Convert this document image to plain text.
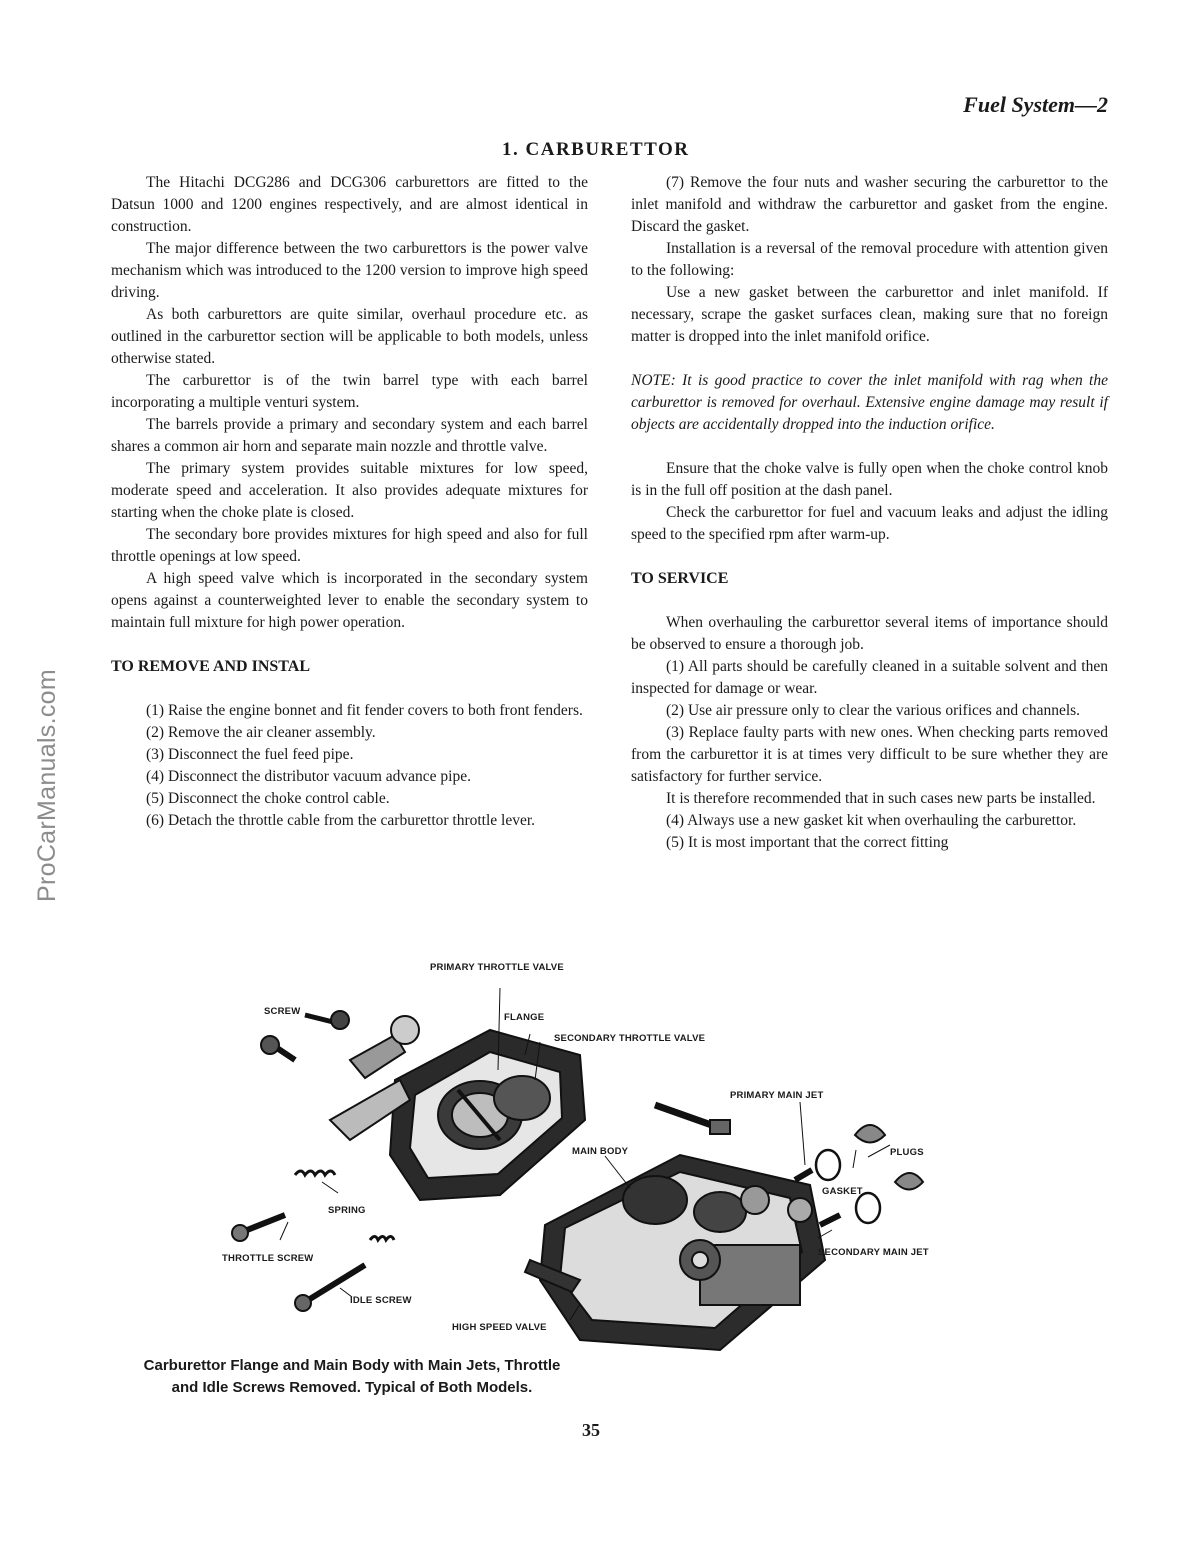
ProCarManuals.com
Fuel System—2
1. CARBURETTOR

The Hitachi DCG286 and DCG306 carburettors are fitted to the Datsun 1000 and 1200 engines respectively, and are almost identical in construction.

The major difference between the two carburettors is the power valve mechanism which was introduced to the 1200 version to improve high speed driving.

As both carburettors are quite similar, overhaul procedure etc. as outlined in the carburettor section will be applicable to both models, unless otherwise stated.

The carburettor is of the twin barrel type with each barrel incorporating a multiple venturi system.

The barrels provide a primary and secondary system and each barrel shares a common air horn and separate main nozzle and throttle valve.

The primary system provides suitable mixtures for low speed, moderate speed and acceleration. It also provides adequate mixtures for starting when the choke plate is closed.

The secondary bore provides mixtures for high speed and also for full throttle openings at low speed.

A high speed valve which is incorporated in the secondary system opens against a counterweighted lever to enable the secondary system to maintain full mixture for high power operation.

TO REMOVE AND INSTAL

(1) Raise the engine bonnet and fit fender covers to both front fenders.

(2) Remove the air cleaner assembly.

(3) Disconnect the fuel feed pipe.

(4) Disconnect the distributor vacuum advance pipe.

(5) Disconnect the choke control cable.

(6) Detach the throttle cable from the carburettor throttle lever.

(7) Remove the four nuts and washer securing the carburettor to the inlet manifold and withdraw the carburettor and gasket from the engine. Discard the gasket.

Installation is a reversal of the removal procedure with attention given to the following:

Use a new gasket between the carburettor and inlet manifold. If necessary, scrape the gasket surfaces clean, making sure that no foreign matter is dropped into the inlet manifold orifice.

NOTE: It is good practice to cover the inlet manifold with rag when the carburettor is removed for overhaul. Extensive engine damage may result if objects are accidentally dropped into the induction orifice.

Ensure that the choke valve is fully open when the choke control knob is in the full off position at the dash panel.

Check the carburettor for fuel and vacuum leaks and adjust the idling speed to the specified rpm after warm-up.

TO SERVICE

When overhauling the carburettor several items of importance should be observed to ensure a thorough job.

(1) All parts should be carefully cleaned in a suitable solvent and then inspected for damage or wear.

(2) Use air pressure only to clear the various orifices and channels.

(3) Replace faulty parts with new ones. When checking parts removed from the carburettor it is at times very difficult to be sure whether they are satisfactory for further service.

It is therefore recommended that in such cases new parts be installed.

(4) Always use a new gasket kit when overhauling the carburettor.

(5) It is most important that the correct fitting

PRIMARY THROTTLE VALVE
SCREW
FLANGE
SECONDARY THROTTLE VALVE
PRIMARY MAIN JET
MAIN BODY	PLUGS
GASKET
SPRING
SECONDARY MAIN JET
THROTTLE SCREW
IDLE SCREW
HIGH SPEED VALVE
Carburettor Flange and Main Body with Main Jets, Throttle
and Idle Screws Removed. Typical of Both Models.
35
